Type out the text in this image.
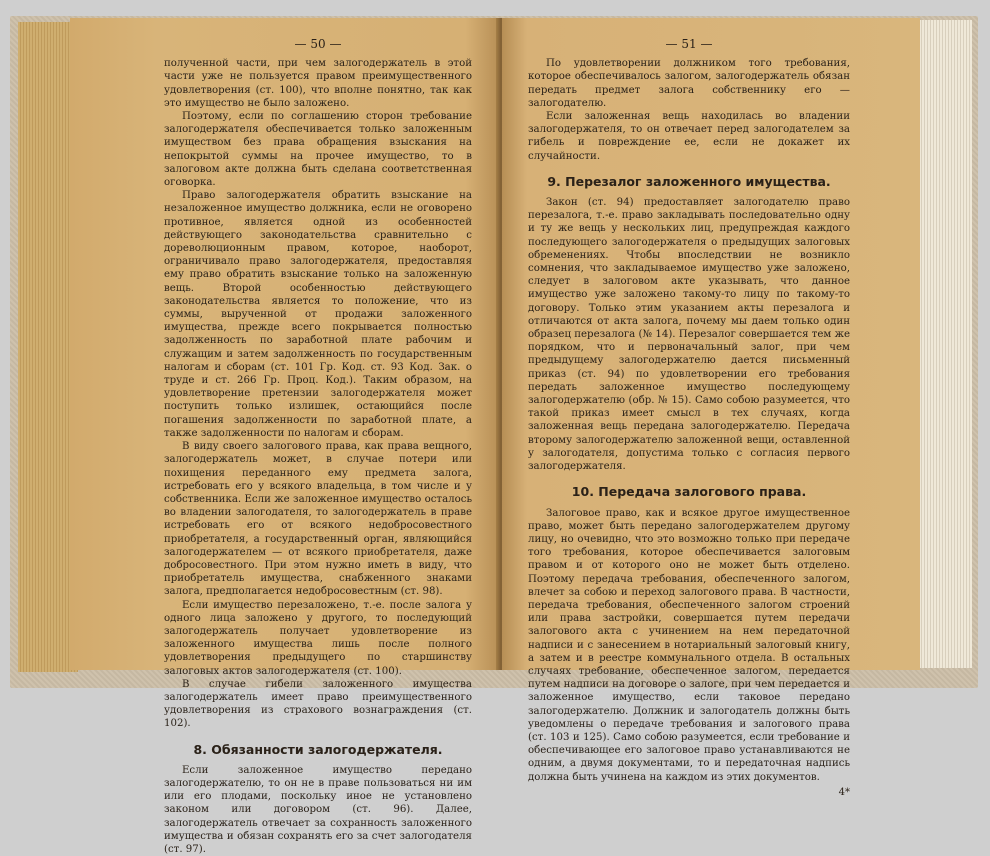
— 50 —

полученной части, при чем залогодержатель в этой части уже не пользуется правом преимущественного удовлетворения (ст. 100), что вполне понятно, так как это имущество не было заложено.

Поэтому, если по соглашению сторон требование залогодержателя обеспечивается только заложенным имуществом без права обращения взыскания на непокрытой суммы на прочее имущество, то в залоговом акте должна быть сделана соответственная оговорка.

Право залогодержателя обратить взыскание на незаложенное имущество должника, если не оговорено противное, является одной из особенностей действующего законодательства сравнительно с дореволюционным правом, которое, наоборот, ограничивало право залогодержателя, предоставляя ему право обратить взыскание только на заложенную вещь. Второй особенностью действующего законодательства является то положение, что из суммы, вырученной от продажи заложенного имущества, прежде всего покрывается полностью задолженность по заработной плате рабочим и служащим и затем задолженность по государственным налогам и сборам (ст. 101 Гр. Код. ст. 93 Код. Зак. о труде и ст. 266 Гр. Проц. Код.). Таким образом, на удовлетворение претензии залогодержателя может поступить только излишек, остающийся после погашения задолженности по заработной плате, а также задолженности по налогам и сборам.

В виду своего залогового права, как права вещного, залогодержатель может, в случае потери или похищения переданного ему предмета залога, истребовать его у всякого владельца, в том числе и у собственника. Если же заложенное имущество осталось во владении залогодателя, то залогодержатель в праве истребовать его от всякого недобросовестного приобретателя, а государственный орган, являющийся залогодержателем — от всякого приобретателя, даже добросовестного. При этом нужно иметь в виду, что приобретатель имущества, снабженного знаками залога, предполагается недобросовестным (ст. 98).

Если имущество перезаложено, т.-е. после залога у одного лица заложено у другого, то последующий залогодержатель получает удовлетворение из заложенного имущества лишь после полного удовлетворения предыдущего по старшинству залоговых актов залогодержателя (ст. 100).

В случае гибели заложенного имущества залогодержатель имеет право преимущественного удовлетворения из страхового вознаграждения (ст. 102).

8. Обязанности залогодержателя.

Если заложенное имущество передано залогодержателю, то он не в праве пользоваться ни им или его плодами, поскольку иное не установлено законом или договором (ст. 96). Далее, залогодержатель отвечает за сохранность заложенного имущества и обязан сохранять его за счет залогодателя (ст. 97).

— 51 —

По удовлетворении должником того требования, которое обеспечивалось залогом, залогодержатель обязан передать предмет залога собственнику его — залогодателю.

Если заложенная вещь находилась во владении залогодержателя, то он отвечает перед залогодателем за гибель и повреждение ее, если не докажет их случайности.

9. Перезалог заложенного имущества.

Закон (ст. 94) предоставляет залогодателю право перезалога, т.-е. право закладывать последовательно одну и ту же вещь у нескольких лиц, предупреждая каждого последующего залогодержателя о предыдущих залоговых обременениях. Чтобы впоследствии не возникло сомнения, что закладываемое имущество уже заложено, следует в залоговом акте указывать, что данное имущество уже заложено такому-то лицу по такому-то договору. Только этим указанием акты перезалога и отличаются от акта залога, почему мы даем только один образец перезалога (№ 14). Перезалог совершается тем же порядком, что и первоначальный залог, при чем предыдущему залогодержателю дается письменный приказ (ст. 94) по удовлетворении его требования передать заложенное имущество последующему залогодержателю (обр. № 15). Само собою разумеется, что такой приказ имеет смысл в тех случаях, когда заложенная вещь передана залогодержателю. Передача второму залогодержателю заложенной вещи, оставленной у залогодателя, допустима только с согласия первого залогодержателя.

10. Передача залогового права.

Залоговое право, как и всякое другое имущественное право, может быть передано залогодержателем другому лицу, но очевидно, что это возможно только при передаче того требования, которое обеспечивается залоговым правом и от которого оно не может быть отделено. Поэтому передача требования, обеспеченного залогом, влечет за собою и переход залогового права. В частности, передача требования, обеспеченного залогом строений или права застройки, совершается путем передачи залогового акта с учинением на нем передаточной надписи и с занесением в нотариальный залоговый книгу, а затем и в реестре коммунального отдела. В остальных случаях требование, обеспеченное залогом, передается путем надписи на договоре о залоге, при чем передается и заложенное имущество, если таковое передано залогодержателю. Должник и залогодатель должны быть уведомлены о передаче требования и залогового права (ст. 103 и 125). Само собою разумеется, если требование и обеспечивающее его залоговое право устанавливаются не одним, а двумя документами, то и передаточная надпись должна быть учинена на каждом из этих документов.

4*
